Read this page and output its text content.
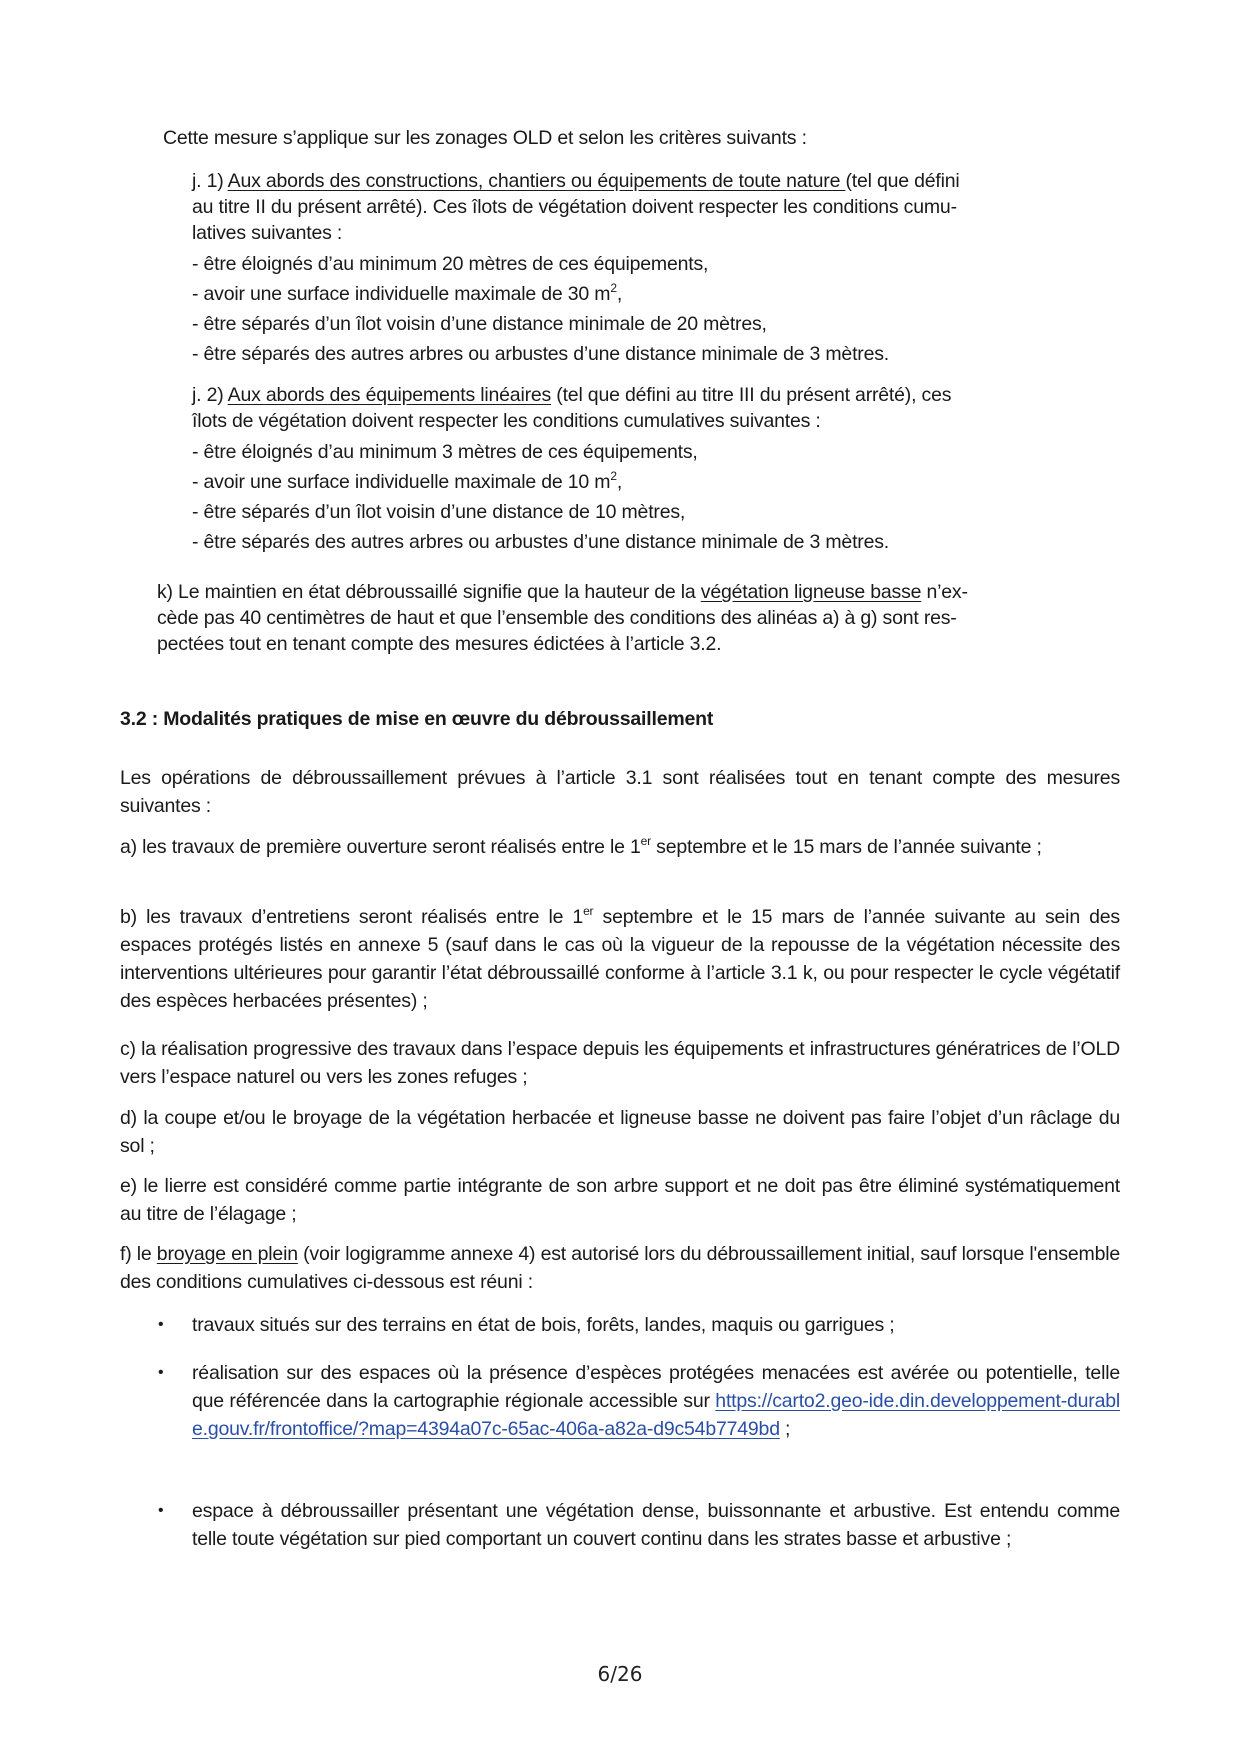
Cette mesure s’applique sur les zonages OLD et selon les critères suivants :
j. 1) Aux abords des constructions, chantiers ou équipements de toute nature (tel que défini
au titre II du présent arrêté). Ces îlots de végétation doivent respecter les conditions cumu-
latives suivantes :
- être éloignés d’au minimum 20 mètres de ces équipements,
- avoir une surface individuelle maximale de 30 $m^2$,
- être séparés d’un îlot voisin d’une distance minimale de 20 mètres,
- être séparés des autres arbres ou arbustes d’une distance minimale de 3 mètres.
j. 2) Aux abords des équipements linéaires (tel que défini au titre III du présent arrêté), ces
îlots de végétation doivent respecter les conditions cumulatives suivantes :
- être éloignés d’au minimum 3 mètres de ces équipements,
- avoir une surface individuelle maximale de 10 $m^2$,
- être séparés d’un îlot voisin d’une distance de 10 mètres,
- être séparés des autres arbres ou arbustes d’une distance minimale de 3 mètres.
k) Le maintien en état débroussaillé signifie que la hauteur de la végétation ligneuse basse n’ex-
cède pas 40 centimètres de haut et que l’ensemble des conditions des alinéas a) à g) sont res-
pectées tout en tenant compte des mesures édictées à l’article 3.2.
3.2 : Modalités pratiques de mise en œuvre du débroussaillement
Les opérations de débroussaillement prévues à l’article 3.1 sont réalisées tout en tenant compte des mesures suivantes :
a) les travaux de première ouverture seront réalisés entre le 1er septembre et le 15 mars de l’année suivante ;
b) les travaux d’entretiens seront réalisés entre le 1er septembre et le 15 mars de l’année suivante au sein des espaces protégés listés en annexe 5 (sauf dans le cas où la vigueur de la repousse de la végétation nécessite des interventions ultérieures pour garantir l’état débroussaillé conforme à l’article 3.1 k, ou pour respecter le cycle végétatif des espèces herbacées présentes) ;
c) la réalisation progressive des travaux dans l’espace depuis les équipements et infrastructures génératrices de l’OLD vers l’espace naturel ou vers les zones refuges ;
d) la coupe et/ou le broyage de la végétation herbacée et ligneuse basse ne doivent pas faire l’objet d’un râclage du sol ;
e) le lierre est considéré comme partie intégrante de son arbre support et ne doit pas être éliminé systématiquement au titre de l’élagage ;
f) le broyage en plein (voir logigramme annexe 4) est autorisé lors du débroussaillement initial, sauf lorsque l'ensemble des conditions cumulatives ci-dessous est réuni :
• travaux situés sur des terrains en état de bois, forêts, landes, maquis ou garrigues ;
• réalisation sur des espaces où la présence d’espèces protégées menacées est avérée ou potentielle, telle que référencée dans la cartographie régionale accessible sur https://carto2.geo-ide.din.developpement-durable.gouv.fr/frontoffice/?map=4394a07c-65ac-406a-a82a-d9c54b7749bd ;
• espace à débroussailler présentant une végétation dense, buissonnante et arbustive. Est entendu comme telle toute végétation sur pied comportant un couvert continu dans les strates basse et arbustive ;
6/26
